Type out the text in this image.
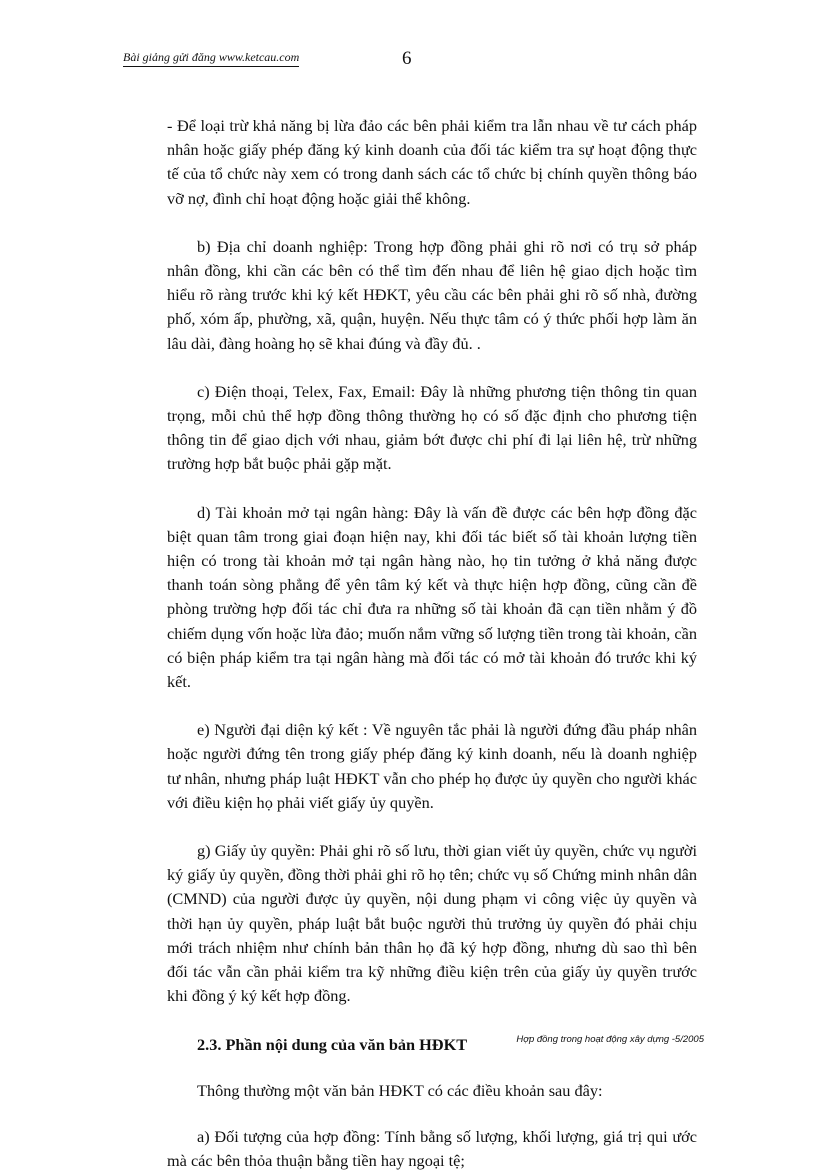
Bài giảng gửi đăng www.ketcau.com	6

- Để loại trừ khả năng bị lừa đảo các bên phải kiểm tra lẫn nhau về tư cách pháp nhân hoặc giấy phép đăng ký kinh doanh của đối tác kiểm tra sự hoạt động thực tế của tổ chức này xem có trong danh sách các tổ chức bị chính quyền thông báo vỡ nợ, đình chỉ hoạt động hoặc giải thể không.

b) Địa chỉ doanh nghiệp: Trong hợp đồng phải ghi rõ nơi có trụ sở pháp nhân đồng, khi cần các bên có thể tìm đến nhau để liên hệ giao dịch hoặc tìm hiểu rõ ràng trước khi ký kết HĐKT, yêu cầu các bên phải ghi rõ số nhà, đường phố, xóm ấp, phường, xã, quận, huyện. Nếu thực tâm có ý thức phối hợp làm ăn lâu dài, đàng hoàng họ sẽ khai đúng và đầy đủ. .

c) Điện thoại, Telex, Fax, Email: Đây là những phương tiện thông tin quan trọng, mỗi chủ thể hợp đồng thông thường họ có số đặc định cho phương tiện thông tin để giao dịch với nhau, giảm bớt được chi phí đi lại liên hệ, trừ những trường hợp bắt buộc phải gặp mặt.

d) Tài khoản mở tại ngân hàng: Đây là vấn đề được các bên hợp đồng đặc biệt quan tâm trong giai đoạn hiện nay, khi đối tác biết số tài khoản lượng tiền hiện có trong tài khoản mở tại ngân hàng nào, họ tin tưởng ở khả năng được thanh toán sòng phẳng để yên tâm ký kết và thực hiện hợp đồng, cũng cần đề phòng trường hợp đối tác chỉ đưa ra những số tài khoản đã cạn tiền nhằm ý đồ chiếm dụng vốn hoặc lừa đảo; muốn nắm vững số lượng tiền trong tài khoản, cần có biện pháp kiểm tra tại ngân hàng mà đối tác có mở tài khoản đó trước khi ký kết.

e) Người đại diện ký kết : Về nguyên tắc phải là người đứng đầu pháp nhân hoặc người đứng tên trong giấy phép đăng ký kinh doanh, nếu là doanh nghiệp tư nhân, nhưng pháp luật HĐKT vẫn cho phép họ được ủy quyền cho người khác với điều kiện họ phải viết giấy ủy quyền.

g) Giấy ủy quyền: Phải ghi rõ số lưu, thời gian viết ủy quyền, chức vụ người ký giấy ủy quyền, đồng thời phải ghi rõ họ tên; chức vụ số Chứng minh nhân dân (CMND) của người được ủy quyền, nội dung phạm vi công việc ủy quyền và thời hạn ủy quyền, pháp luật bắt buộc người thủ trưởng ủy quyền đó phải chịu mới trách nhiệm như chính bản thân họ đã ký hợp đồng, nhưng dù sao thì bên đối tác vẫn cần phải kiểm tra kỹ những điều kiện trên của giấy ủy quyền trước khi đồng ý ký kết hợp đồng.

2.3. Phần nội dung của văn bản HĐKT

Thông thường một văn bản HĐKT có các điều khoản sau đây:

a) Đối tượng của hợp đồng: Tính bằng số lượng, khối lượng, giá trị qui ước mà các bên thỏa thuận bằng tiền hay ngoại tệ;

Hợp đồng trong hoạt động xây dựng -5/2005
